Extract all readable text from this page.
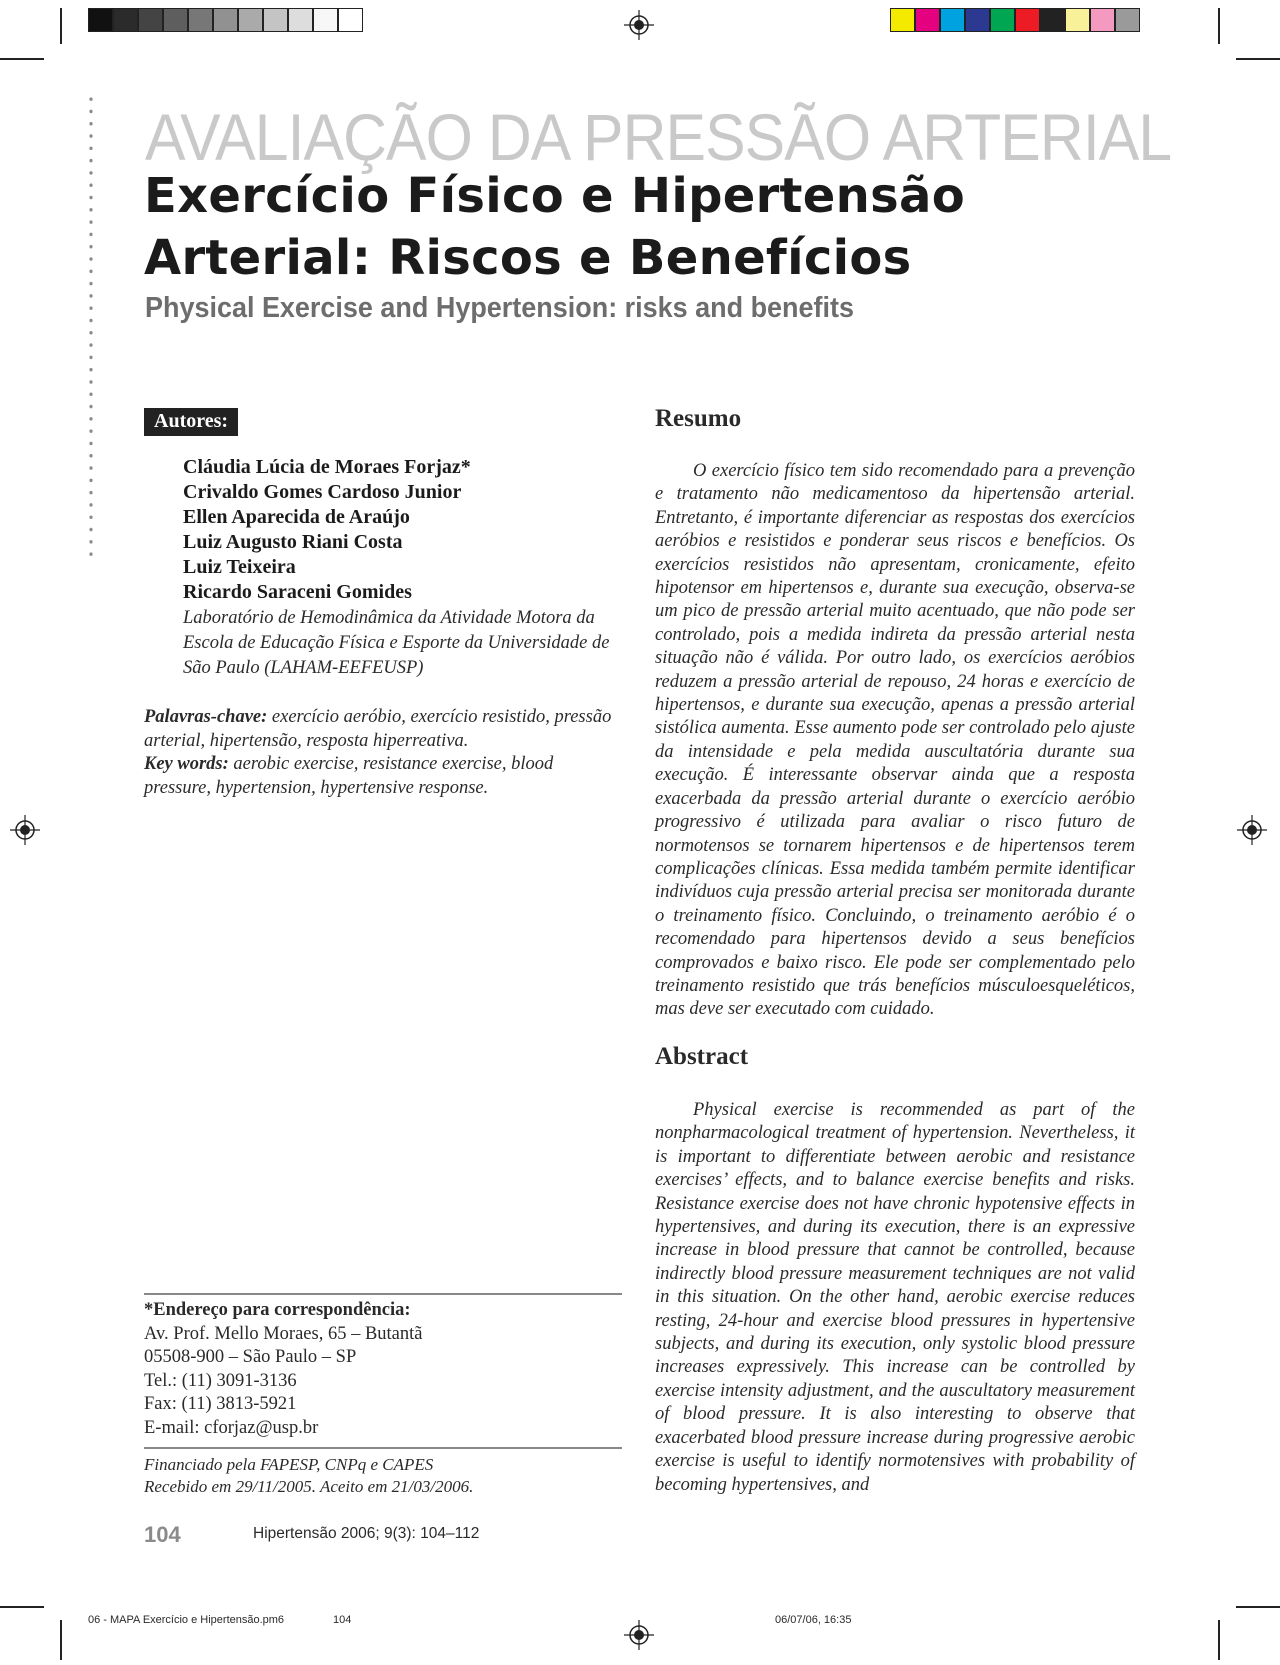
AVALIAÇÃO DA PRESSÃO ARTERIAL
Exercício Físico e Hipertensão
Arterial: Riscos e Benefícios
Physical Exercise and Hypertension: risks and benefits
Autores:
Cláudia Lúcia de Moraes Forjaz*
Crivaldo Gomes Cardoso Junior
Ellen Aparecida de Araújo
Luiz Augusto Riani Costa
Luiz Teixeira
Ricardo Saraceni Gomides
Laboratório de Hemodinâmica da Atividade Motora da Escola de Educação Física e Esporte da Universidade de São Paulo (LAHAM-EEFEUSP)
Palavras-chave: exercício aeróbio, exercício resistido, pressão arterial, hipertensão, resposta hiperreativa.
Key words: aerobic exercise, resistance exercise, blood pressure, hypertension, hypertensive response.
Resumo

O exercício físico tem sido recomendado para a prevenção e tratamento não medicamentoso da hipertensão arterial. Entretanto, é importante diferenciar as respostas dos exercícios aeróbios e resistidos e ponderar seus riscos e benefícios. Os exercícios resistidos não apresentam, cronicamente, efeito hipotensor em hipertensos e, durante sua execução, observa-se um pico de pressão arterial muito acentuado, que não pode ser controlado, pois a medida indireta da pressão arterial nesta situação não é válida. Por outro lado, os exercícios aeróbios reduzem a pressão arterial de repouso, 24 horas e exercício de hipertensos, e durante sua execução, apenas a pressão arterial sistólica aumenta. Esse aumento pode ser controlado pelo ajuste da intensidade e pela medida auscultatória durante sua execução. É interessante observar ainda que a resposta exacerbada da pressão arterial durante o exercício aeróbio progressivo é utilizada para avaliar o risco futuro de normotensos se tornarem hipertensos e de hipertensos terem complicações clínicas. Essa medida também permite identificar indivíduos cuja pressão arterial precisa ser monitorada durante o treinamento físico. Concluindo, o treinamento aeróbio é o recomendado para hipertensos devido a seus benefícios comprovados e baixo risco. Ele pode ser complementado pelo treinamento resistido que trás benefícios músculoesqueléticos, mas deve ser executado com cuidado.

Abstract

Physical exercise is recommended as part of the nonpharmacological treatment of hypertension. Nevertheless, it is important to differentiate between aerobic and resistance exercises’ effects, and to balance exercise benefits and risks. Resistance exercise does not have chronic hypotensive effects in hypertensives, and during its execution, there is an expressive increase in blood pressure that cannot be controlled, because indirectly blood pressure measurement techniques are not valid in this situation. On the other hand, aerobic exercise reduces resting, 24-hour and exercise blood pressures in hypertensive subjects, and during its execution, only systolic blood pressure increases expressively. This increase can be controlled by exercise intensity adjustment, and the auscultatory measurement of blood pressure. It is also interesting to observe that exacerbated blood pressure increase during progressive aerobic exercise is useful to identify normotensives with probability of becoming hypertensives, and

*Endereço para correspondência:
Av. Prof. Mello Moraes, 65 – Butantã
05508-900 – São Paulo – SP
Tel.: (11) 3091-3136
Fax: (11) 3813-5921
E-mail: cforjaz@usp.br
Financiado pela FAPESP, CNPq e CAPES
Recebido em 29/11/2005. Aceito em 21/03/2006.
104	Hipertensão 2006; 9(3): 104–112
06 - MAPA Exercício e Hipertensão.pm6	104	06/07/06, 16:35
